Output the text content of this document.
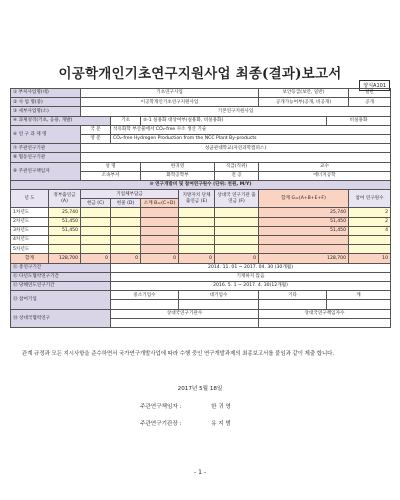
이공학개인기초연구지원사업 최종(결과)보고서
양식A101
① 부처사업명(대)		기초연구사업					보안등급(보안, 일반)		일반
② 사 업 명(중)		이공학개인기초연구지원사업					공개가능여부(공개, 비공개)		공개
③ 세부사업명(소)		기본연구지원사업							
④ 과제성격(기초, 응용, 개발)			기초	⑤-1 실용화 대상여부(실용화, 비실용화)				비실용화	
⑥ 연 구 과 제 명		국 문	석유화학 부산물에서 CO₂-free 수소 생산 기술						
		영 문	CO₂-free Hydrogen Production from the NCC Plant By-products						
⑦ 주관연구기관		성균관대학교(자연과학캠퍼스)							
⑧ 협동연구기관									
⑨ 주관연구책임자		성 명		한귀영		직급(직위)	교수		
		소속부서		화학공학부		전 공	에너지공학		
⑩ 연구개발비 및 참여연구원수 (단위: 천원, M/Y)									
년 도	정부출연금 (A)	기업체부담금			지방자치 단체 출연금 (E)	상대국 연구기관 출연금 (F)	합계 G=(A+B+E+F)		참여 연구원수
		현금 (C)	현물 (D)	소계 B=(C+D)					
1차년도	25,740						25,740		2
2차년도	51,450						51,450		2
3차년도	51,450						51,450		4
4차년도									
5차년도									
합계	128,700	0	0	0	0	0	128,700		10
⑪ 총연구기간			2014. 11. 01 ~ 2017. 04. 30 (30개월)						
⑪ 다년도협약연구기간			기재하지 않음						
⑫ 당해연도연구기간			2016. 5. 1 ~ 2017. 4. 30(12개월)						
⑬ 참여기업			중소기업수		대기업수		기타	계	

⑭ 상대국협력연구			상대국연구기관수				상대국연구책임자수		

관계 규정과 모든 지시사항을 준수하면서 국가연구개발사업에 따라 수행 중인 연구개발과제의 최종보고서를 붙임과 같이 제출 합니다.
2017년 5월 18일
주관연구책임자 :	한 귀 영
주관연구기관장 :	유 지 범
- 1 -
